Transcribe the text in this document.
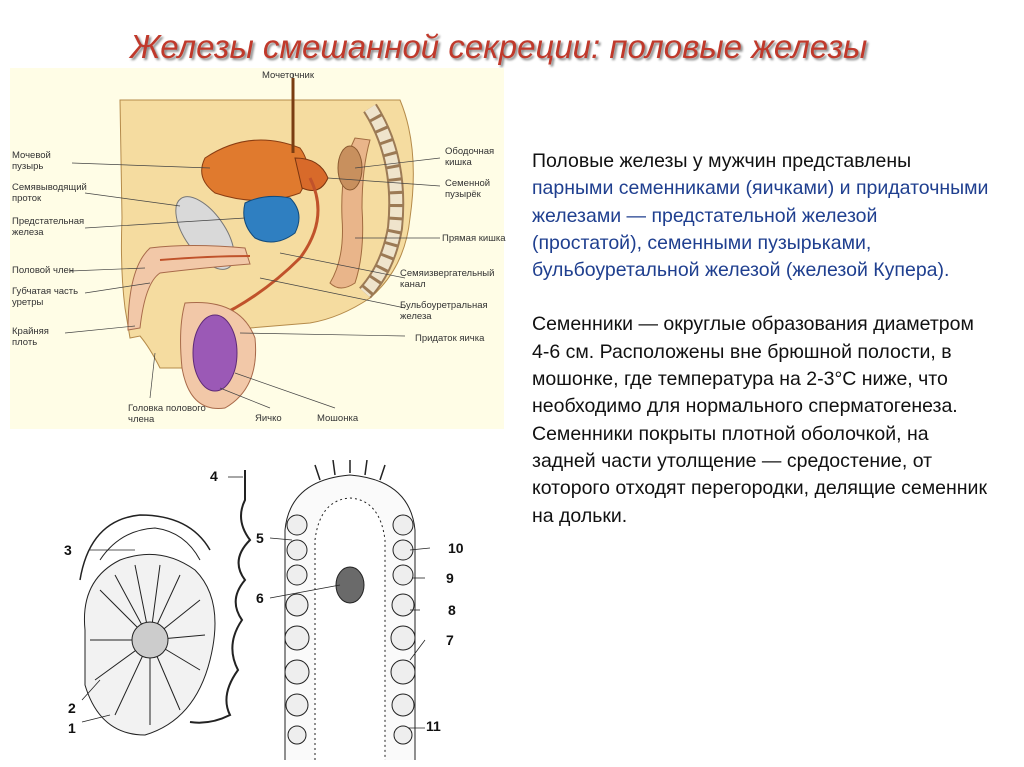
Железы смешанной секреции: половые железы
Мочеточник
Мочевой пузырь
Семявыводящий проток
Предстательная железа
Половой член
Губчатая часть уретры
Крайняя плоть
Головка полового члена	Яичко	Мошонка
Ободочная кишка
Семенной пузырёк
Прямая кишка
Семяизвергательный канал
Бульбоуретральная железа
Придаток яичка

Половые железы у мужчин представлены парными семенниками (яичками) и придаточными железами — предстательной железой (простатой), семенными пузырьками, бульбоуретальной железой (железой Купера).

Семенники — округлые образования диаметром 4-6 см. Расположены вне брюшной полости, в мошонке, где температура на 2-3°С ниже, что необходимо для нормального сперматогенеза. Семенники покрыты плотной оболочкой, на задней части утолщение — средостение, от которого отходят перегородки, делящие семенник на дольки.

1
2
3
4
5
6
7
8
9
10
11
